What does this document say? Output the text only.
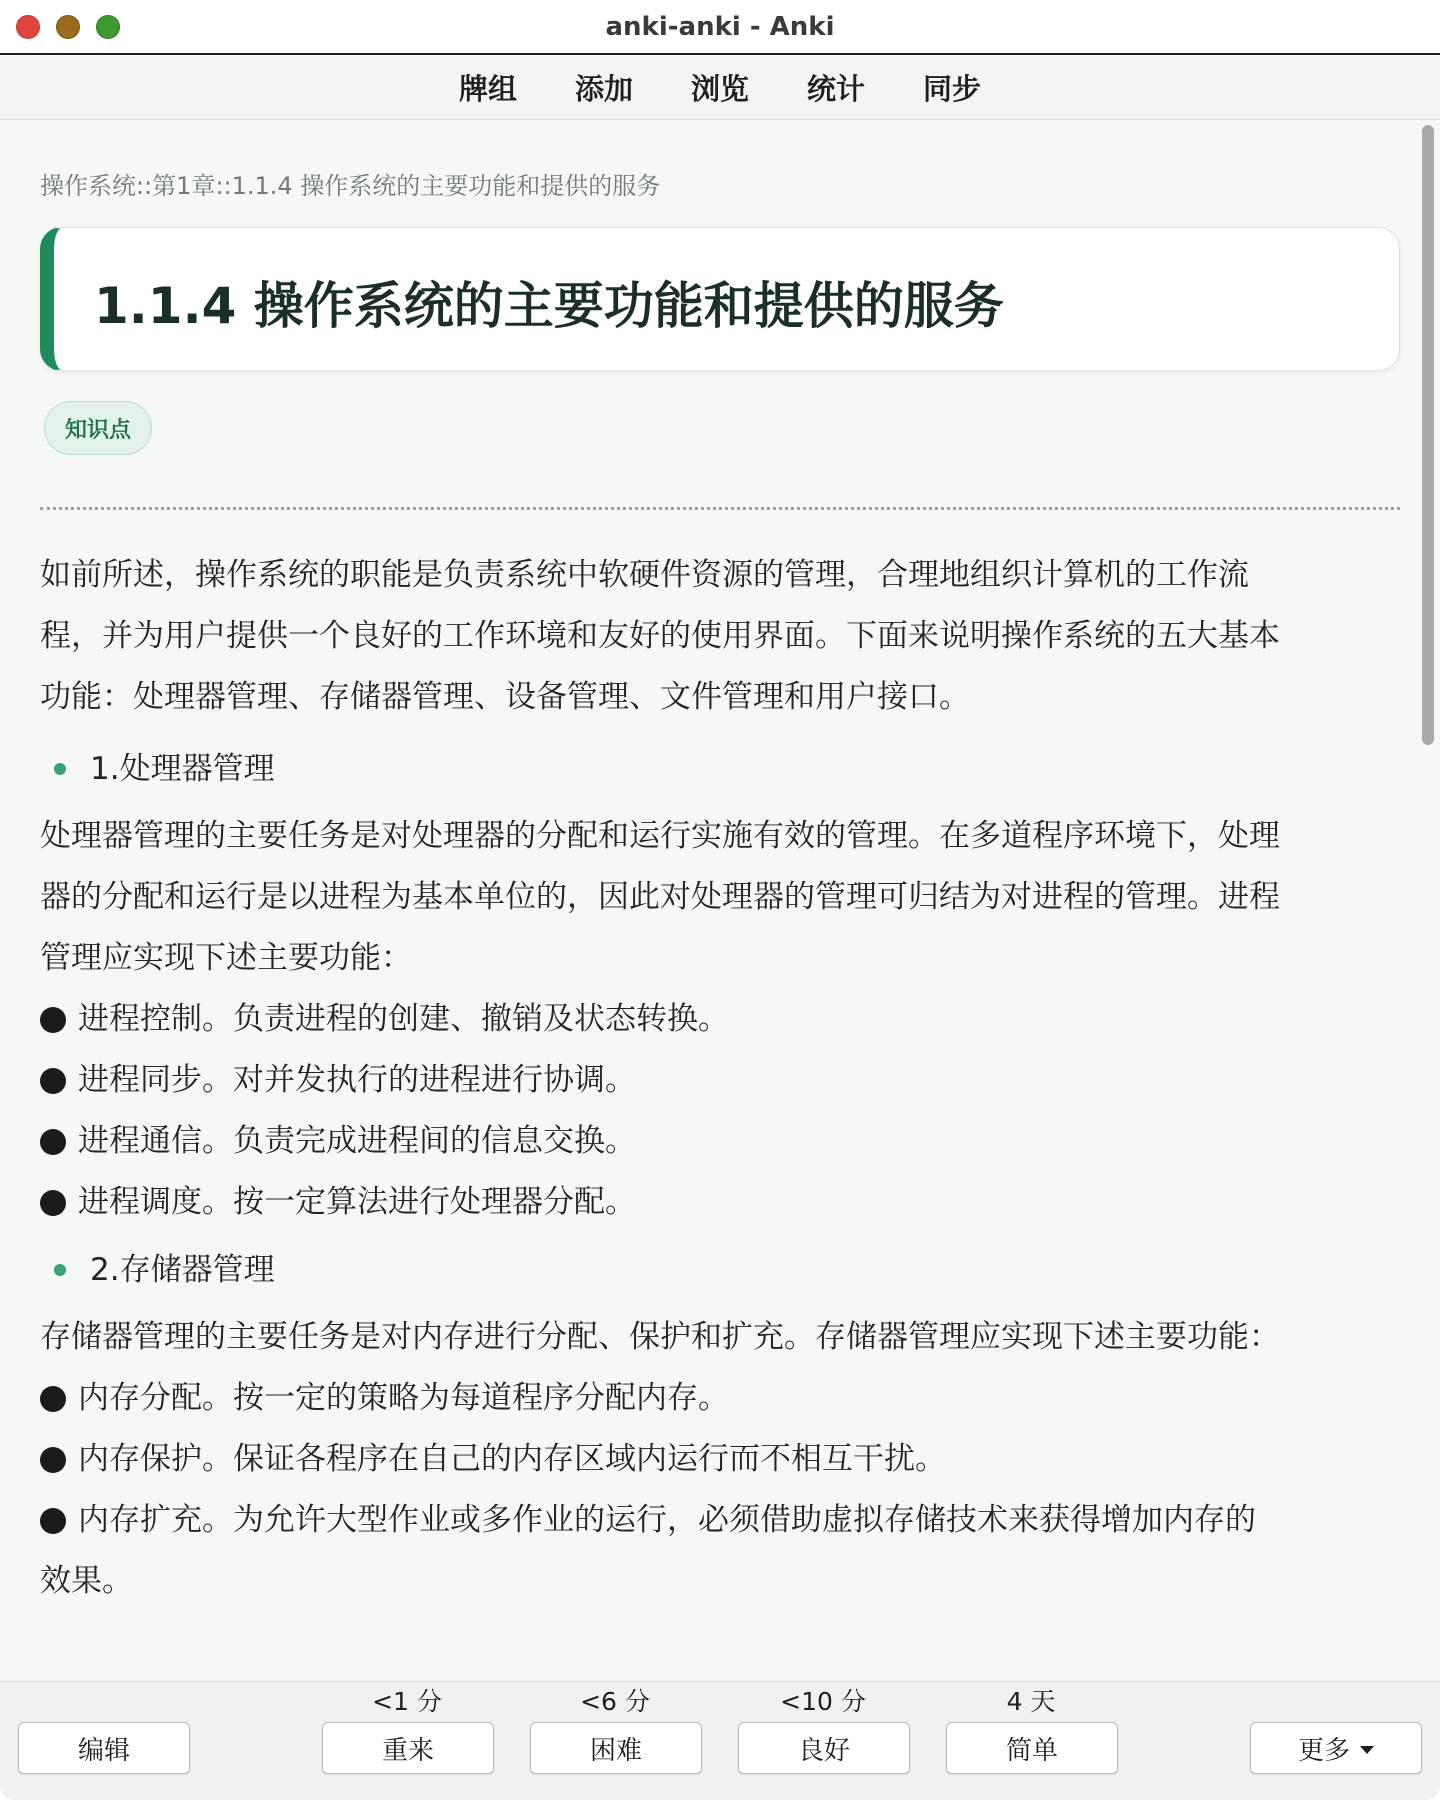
anki-anki - Anki
牌组 添加 浏览 统计 同步
操作系统::第1章::1.1.4 操作系统的主要功能和提供的服务
1.1.4 操作系统的主要功能和提供的服务
知识点

如前所述，操作系统的职能是负责系统中软硬件资源的管理，合理地组织计算机的工作流

程，并为用户提供一个良好的工作环境和友好的使用界面。下面来说明操作系统的五大基本

功能：处理器管理、存储器管理、设备管理、文件管理和用户接口。

1.处理器管理

处理器管理的主要任务是对处理器的分配和运行实施有效的管理。在多道程序环境下，处理

器的分配和运行是以进程为基本单位的，因此对处理器的管理可归结为对进程的管理。进程

管理应实现下述主要功能：

进程控制。负责进程的创建、撤销及状态转换。
进程同步。对并发执行的进程进行协调。
进程通信。负责完成进程间的信息交换。
进程调度。按一定算法进行处理器分配。
2.存储器管理

存储器管理的主要任务是对内存进行分配、保护和扩充。存储器管理应实现下述主要功能：

内存分配。按一定的策略为每道程序分配内存。
内存保护。保证各程序在自己的内存区域内运行而不相互干扰。
内存扩充。为允许大型作业或多作业的运行，必须借助虚拟存储技术来获得增加内存的

效果。

<1 分	<6 分	<10 分	4 天
编辑	重来	困难	良好	简单	更多
